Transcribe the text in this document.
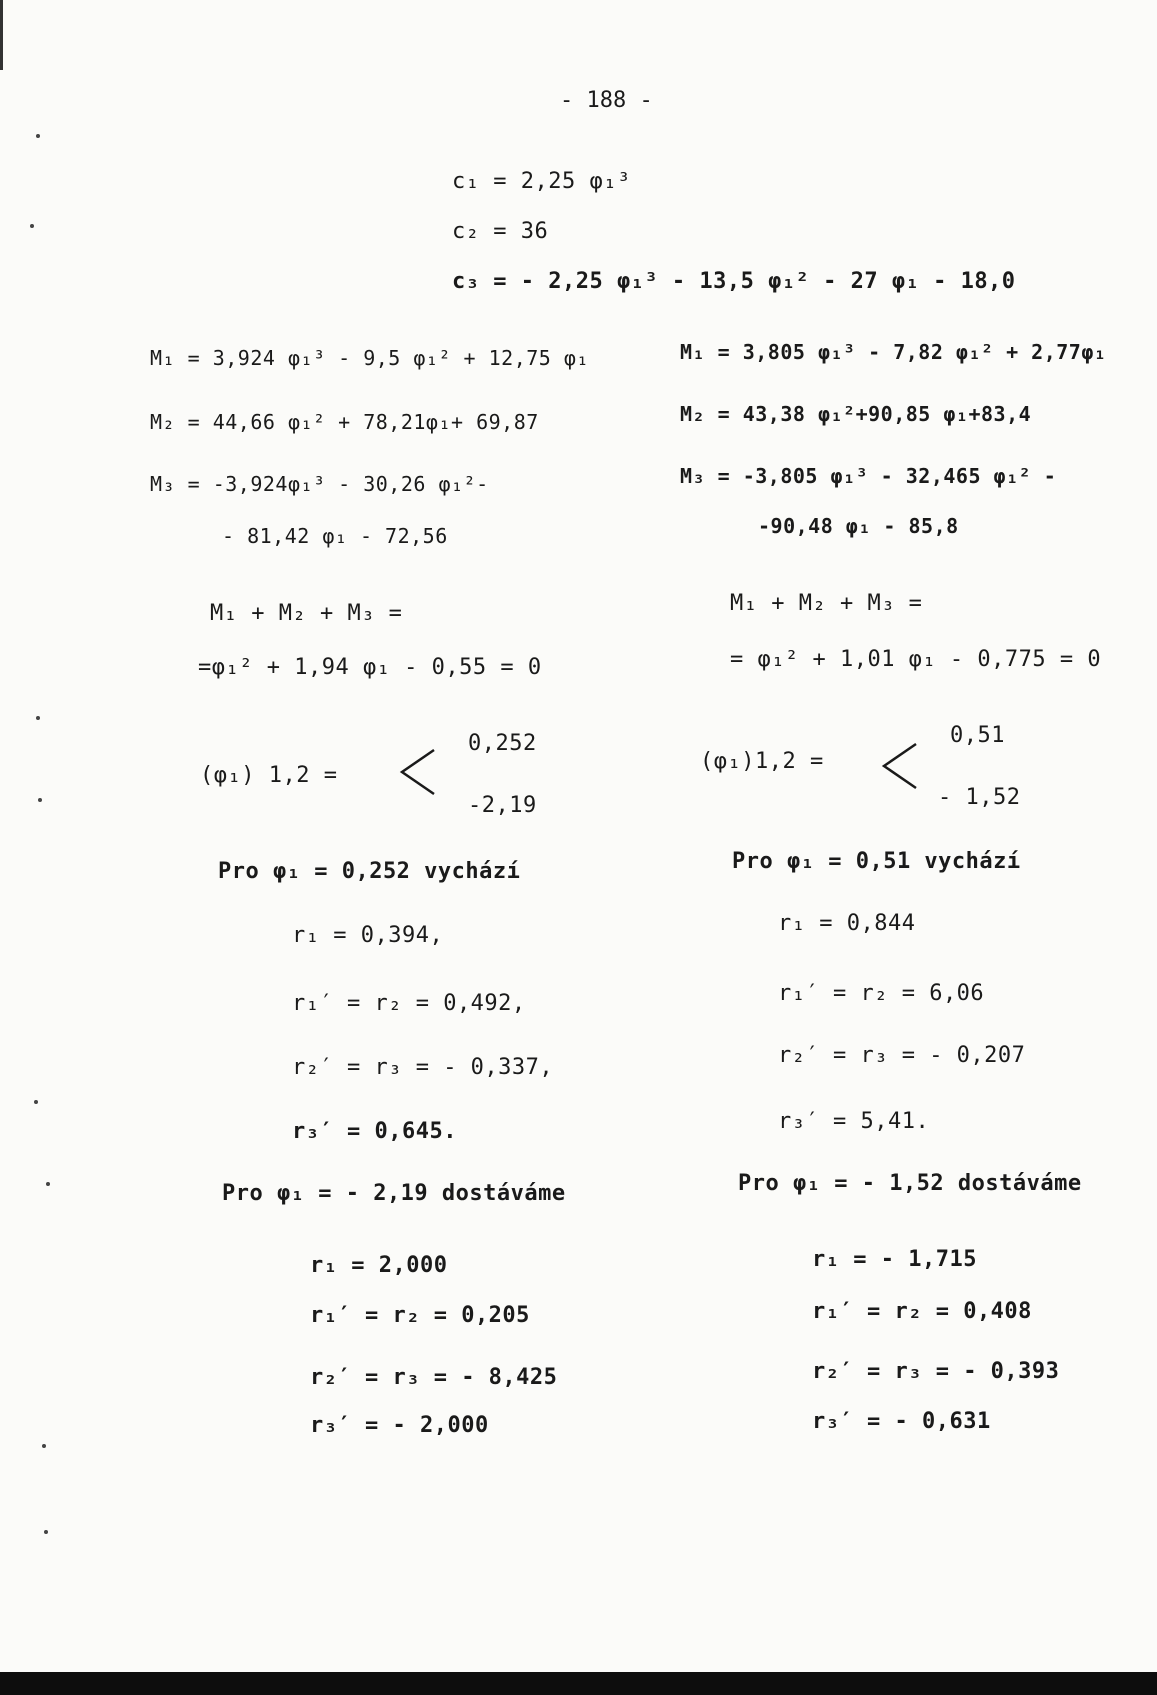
- 188 -
c₁ = 2,25 φ₁³
c₂ = 36
c₃ = - 2,25 φ₁³ - 13,5 φ₁² - 27 φ₁ - 18,0
M₁ = 3,924 φ₁³ - 9,5 φ₁² + 12,75 φ₁
M₂ = 44,66 φ₁² + 78,21φ₁+ 69,87
M₃ = -3,924φ₁³ - 30,26 φ₁²-
- 81,42 φ₁ - 72,56
M₁ = 3,805 φ₁³ - 7,82 φ₁² + 2,77φ₁
M₂ = 43,38 φ₁²+90,85 φ₁+83,4
M₃ = -3,805 φ₁³ - 32,465 φ₁² -
-90,48 φ₁ - 85,8
M₁ + M₂ + M₃ =
=φ₁² + 1,94 φ₁ - 0,55 = 0
M₁ + M₂ + M₃ =
= φ₁² + 1,01 φ₁ - 0,775 = 0
(φ₁) 1,2 =
0,252
-2,19
(φ₁)1,2 =
0,51
- 1,52
Pro φ₁ = 0,252 vychází
r₁ = 0,394,
r₁′ = r₂ = 0,492,
r₂′ = r₃ = - 0,337,
r₃′ = 0,645.
Pro φ₁ = 0,51 vychází
r₁ = 0,844
r₁′ = r₂ = 6,06
r₂′ = r₃ = - 0,207
r₃′ = 5,41.
Pro φ₁ = - 2,19 dostáváme
r₁ = 2,000
r₁′ = r₂ = 0,205
r₂′ = r₃ = - 8,425
r₃′ = - 2,000
Pro φ₁ = - 1,52 dostáváme
r₁ = - 1,715
r₁′ = r₂ = 0,408
r₂′ = r₃ = - 0,393
r₃′ = - 0,631
